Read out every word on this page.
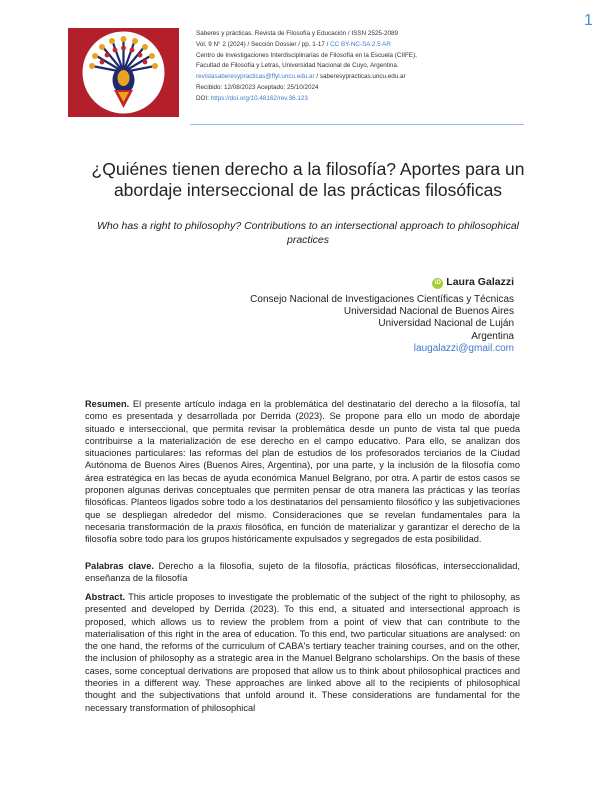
1
Saberes y prácticas. Revista de Filosofía y Educación / ISSN 2525-2089
Vol. 9 N° 2 (2024) / Sección Dossier / pp. 1-17 / CC BY-NC-SA 2.5 AR
Centro de Investigaciones Interdisciplinarias de Filosofía en la Escuela (CIIFE),
Facultad de Filosofía y Letras, Universidad Nacional de Cuyo, Argentina.
revistasaberesypracticas@ffyl.uncu.edu.ar / saberesypracticas.uncu.edu.ar
Recibido: 12/08/2023 Aceptado: 25/10/2024
DOI: https://doi.org/10.48162/rev.36.123
¿Quiénes tienen derecho a la filosofía? Aportes para un abordaje interseccional de las prácticas filosóficas
Who has a right to philosophy? Contributions to an intersectional approach to philosophical practices
iD Laura Galazzi
Consejo Nacional de Investigaciones Científicas y Técnicas
Universidad Nacional de Buenos Aires
Universidad Nacional de Luján
Argentina
laugalazzi@gmail.com

Resumen. El presente artículo indaga en la problemática del destinatario del derecho a la filosofía, tal como es presentada y desarrollada por Derrida (2023). Se propone para ello un modo de abordaje situado e interseccional, que permita revisar la problemática desde un punto de vista tal que pueda contribuirse a la materialización de ese derecho en el campo educativo. Para ello, se analizan dos situaciones particulares: las reformas del plan de estudios de los profesorados terciarios de la Ciudad Autónoma de Buenos Aires (Buenos Aires, Argentina), por una parte, y la inclusión de la filosofía como área estratégica en las becas de ayuda económica Manuel Belgrano, por otra. A partir de estos casos se proponen algunas derivas conceptuales que permiten pensar de otra manera las prácticas y las teorías filosóficas. Planteos ligados sobre todo a los destinatarios del pensamiento filosófico y las subjetivaciones que se despliegan alrededor del mismo. Consideraciones que se revelan fundamentales para la necesaria transformación de la praxis filosófica, en función de materializar y garantizar el derecho de la filosofía sobre todo para los grupos históricamente expulsados y segregados de esta posibilidad.

Palabras clave. Derecho a la filosofía, sujeto de la filosofía, prácticas filosóficas, interseccionalidad, enseñanza de la filosofía

Abstract. This article proposes to investigate the problematic of the subject of the right to philosophy, as presented and developed by Derrida (2023). To this end, a situated and intersectional approach is proposed, which allows us to review the problem from a point of view that can contribute to the materialisation of this right in the area of education. To this end, two particular situations are analysed: on the one hand, the reforms of the curriculum of CABA's tertiary teacher training courses, and on the other, the inclusion of philosophy as a strategic area in the Manuel Belgrano scholarships. On the basis of these cases, some conceptual derivations are proposed that allow us to think about philosophical practices and theories in a different way. These approaches are linked above all to the recipients of philosophical thought and the subjectivations that unfold around it. These considerations are fundamental for the necessary transformation of philosophical
